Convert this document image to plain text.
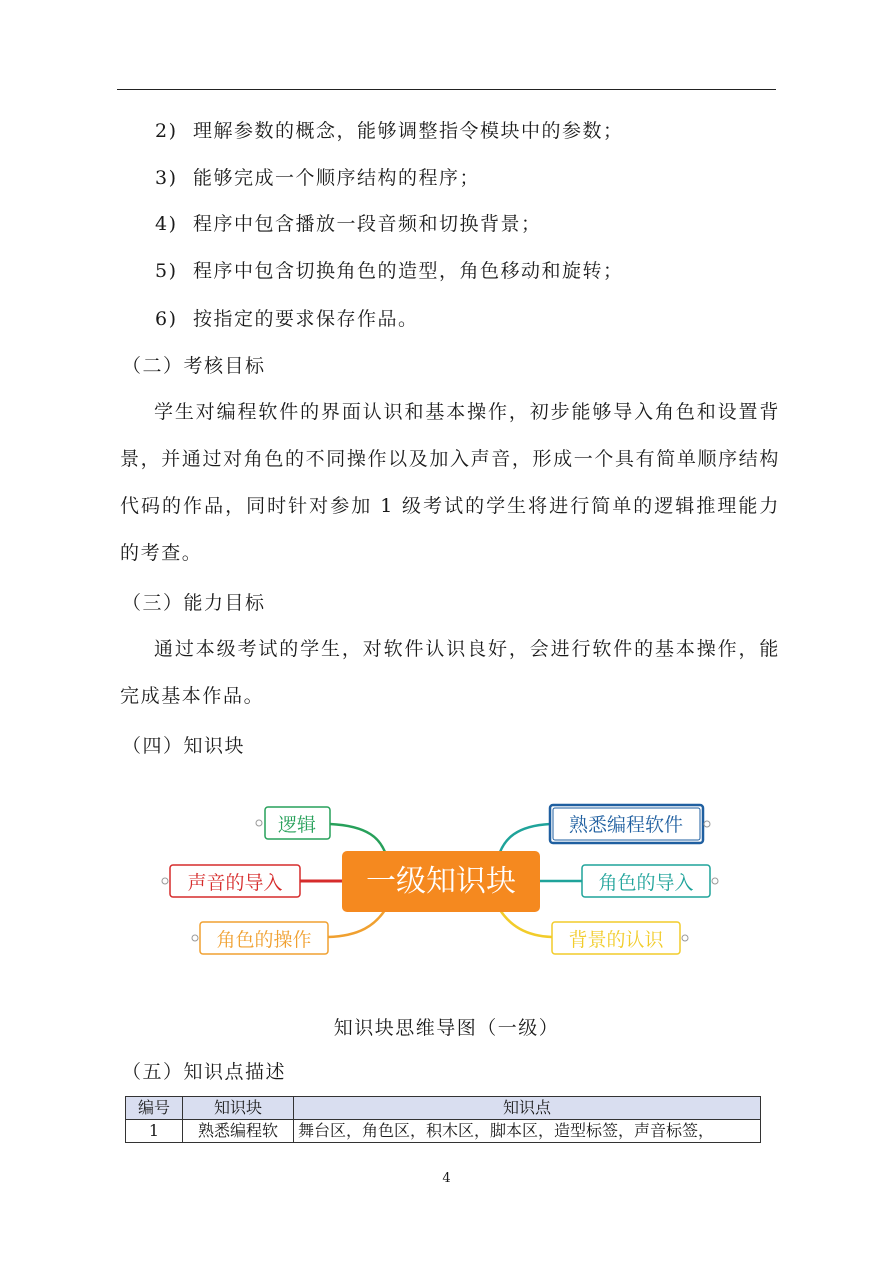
2) 理解参数的概念，能够调整指令模块中的参数；
3) 能够完成一个顺序结构的程序；
4) 程序中包含播放一段音频和切换背景；
5) 程序中包含切换角色的造型，角色移动和旋转；
6) 按指定的要求保存作品。
（二）考核目标
学生对编程软件的界面认识和基本操作，初步能够导入角色和设置背景，并通过对角色的不同操作以及加入声音，形成一个具有简单顺序结构代码的作品，同时针对参加 1 级考试的学生将进行简单的逻辑推理能力的考查。
（三）能力目标
通过本级考试的学生，对软件认识良好，会进行软件的基本操作，能完成基本作品。
（四）知识块
一级知识块
逻辑
声音的导入
角色的操作
熟悉编程软件
角色的导入
背景的认识
知识块思维导图（一级）
（五）知识点描述
编号	知识块	知识点
1	熟悉编程软	舞台区，角色区，积木区，脚本区，造型标签，声音标签，
4
